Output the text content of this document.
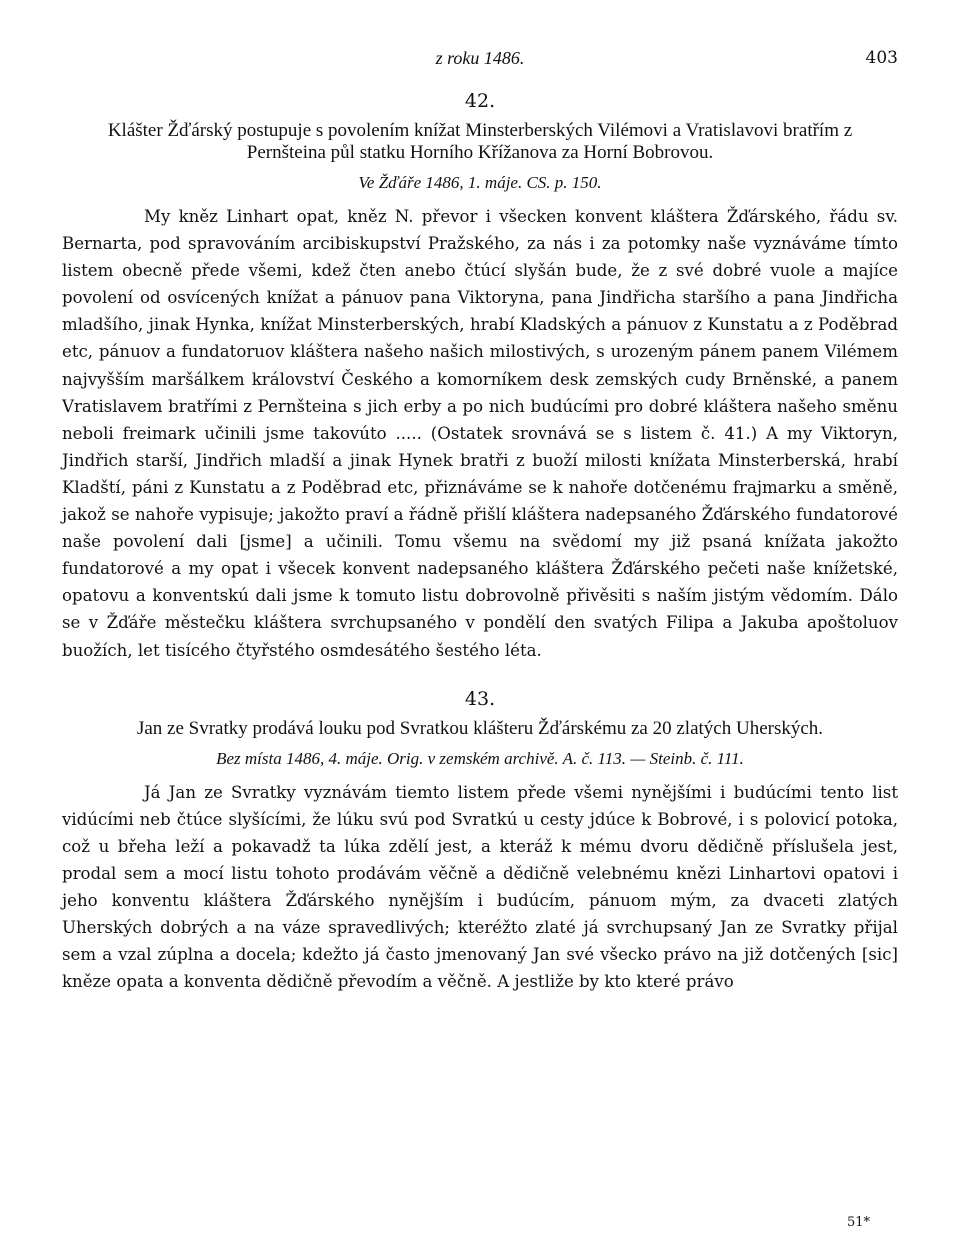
z roku 1486.	403
42.
Klášter Žďárský postupuje s povolením knížat Minsterberských Vilémovi a Vratislavovi bratřím z Pernšteina půl statku Horního Křížanova za Horní Bobrovou.
Ve Žďáře 1486, 1. máje. CS. p. 150.

My kněz Linhart opat, kněz N. převor i všecken konvent kláštera Žďárského, řádu sv. Bernarta, pod spravováním arcibiskupství Pražského, za nás i za potomky naše vyznáváme tímto listem obecně přede všemi, kdež čten anebo čtúcí slyšán bude, že z své dobré vuole a majíce povolení od osvícených knížat a pánuov pana Viktoryna, pana Jindřicha staršího a pana Jindřicha mladšího, jinak Hynka, knížat Minsterberských, hrabí Kladských a pánuov z Kunstatu a z Poděbrad etc, pánuov a fundatoruov kláštera našeho našich milostivých, s urozeným pánem panem Vilémem najvyšším maršálkem království Českého a komorníkem desk zemských cudy Brněnské, a panem Vratislavem bratřími z Pernšteina s jich erby a po nich budúcími pro dobré kláštera našeho směnu neboli freimark učinili jsme takovúto ..... (Ostatek srovnává se s listem č. 41.) A my Viktoryn, Jindřich starší, Jindřich mladší a jinak Hynek bratři z buoží milosti knížata Minsterberská, hrabí Kladští, páni z Kunstatu a z Poděbrad etc, přiznáváme se k nahoře dotčenému frajmarku a směně, jakož se nahoře vypisuje; jakožto praví a řádně přišlí kláštera nadepsaného Žďárského fundatorové naše povolení dali [jsme] a učinili. Tomu všemu na svědomí my již psaná knížata jakožto fundatorové a my opat i všecek konvent nadepsaného kláštera Žďárského pečeti naše knížetské, opatovu a konventskú dali jsme k tomuto listu dobrovolně přivěsiti s naším jistým vědomím. Dálo se v Žďáře městečku kláštera svrchupsaného v pondělí den svatých Filipa a Jakuba apoštoluov buožích, let tisícého čtyřstého osmdesátého šestého léta.

43.
Jan ze Svratky prodává louku pod Svratkou klášteru Žďárskému za 20 zlatých Uherských.
Bez místa 1486, 4. máje. Orig. v zemském archivě. A. č. 113. — Steinb. č. 111.

Já Jan ze Svratky vyznávám tiemto listem přede všemi nynějšími i budúcími tento list vidúcími neb čtúce slyšícími, že lúku svú pod Svratkú u cesty jdúce k Bobrové, i s polovicí potoka, což u břeha leží a pokavadž ta lúka zdělí jest, a kteráž k mému dvoru dědičně příslušela jest, prodal sem a mocí listu tohoto prodávám věčně a dědičně velebnému knězi Linhartovi opatovi i jeho konventu kláštera Žďárského nynějším i budúcím, pánuom mým, za dvaceti zlatých Uherských dobrých a na váze spravedlivých; kteréžto zlaté já svrchupsaný Jan ze Svratky přijal sem a vzal zúplna a docela; kdežto já často jmenovaný Jan své všecko právo na již dotčených [sic] kněze opata a konventa dědičně převodím a věčně. A jestliže by kto které právo

51*
